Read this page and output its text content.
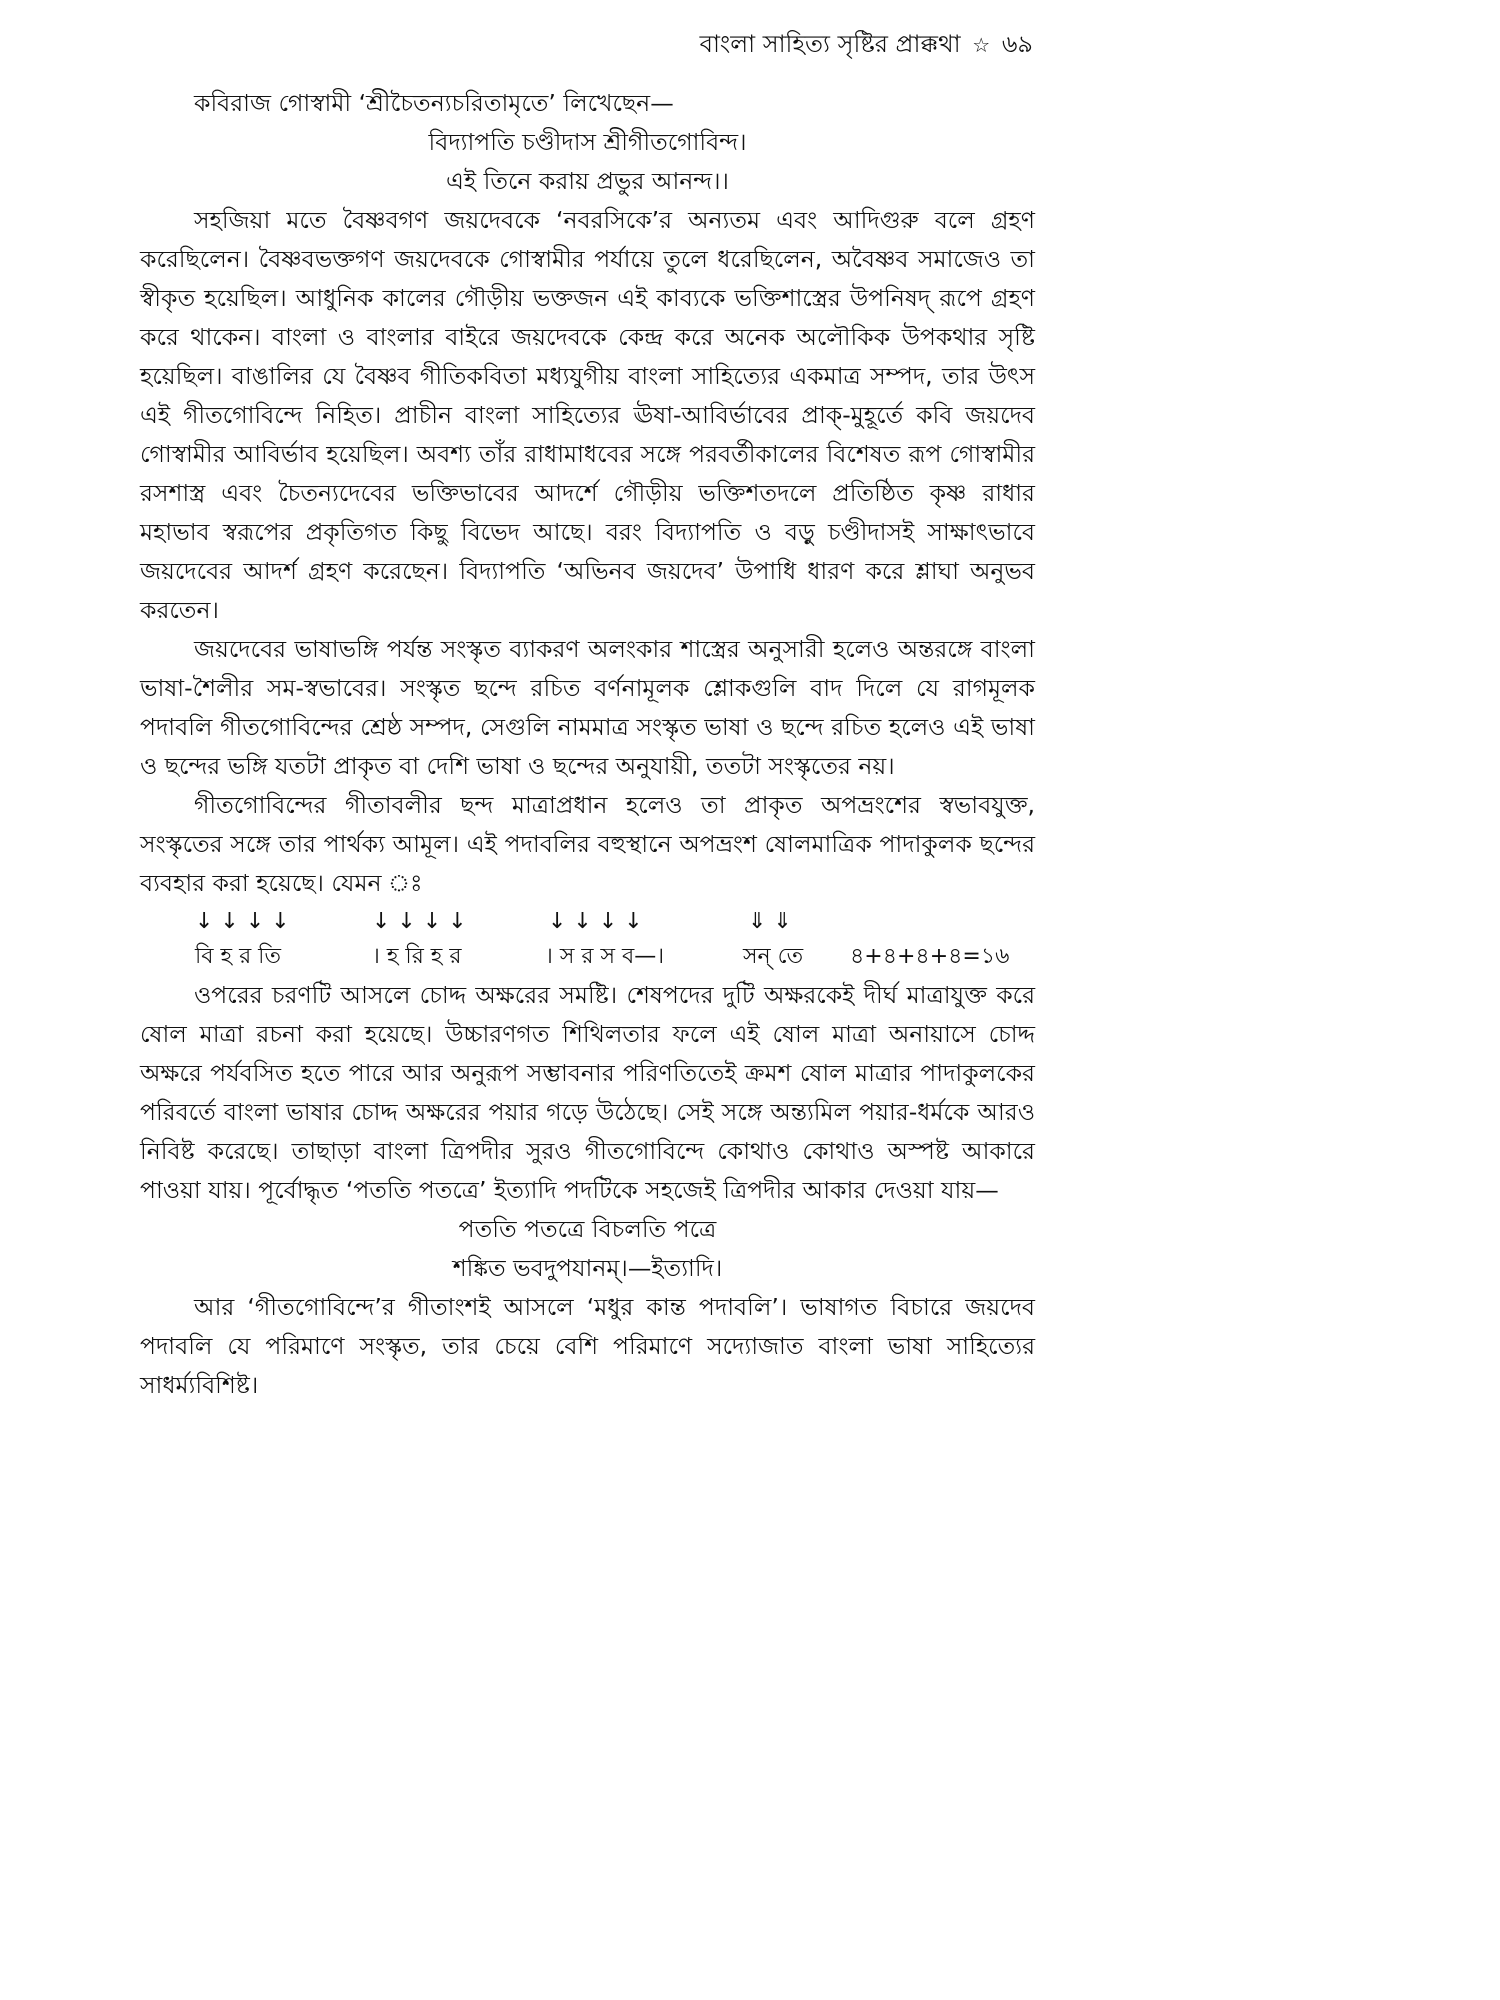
বাংলা সাহিত্য সৃষ্টির প্রাক্কথা ☆ ৬৯

কবিরাজ গোস্বামী ‘শ্রীচৈতন্যচরিতামৃতে’ লিখেছেন—

বিদ্যাপতি চণ্ডীদাস শ্রীগীতগোবিন্দ।
এই তিনে করায় প্রভুর আনন্দ।।

সহজিয়া মতে বৈষ্ণবগণ জয়দেবকে ‘নবরসিকে’র অন্যতম এবং আদিগুরু বলে গ্রহণ করেছিলেন। বৈষ্ণবভক্তগণ জয়দেবকে গোস্বামীর পর্যায়ে তুলে ধরেছিলেন, অবৈষ্ণব সমাজেও তা স্বীকৃত হয়েছিল। আধুনিক কালের গৌড়ীয় ভক্তজন এই কাব্যকে ভক্তিশাস্ত্রের উপনিষদ্ রূপে গ্রহণ করে থাকেন। বাংলা ও বাংলার বাইরে জয়দেবকে কেন্দ্র করে অনেক অলৌকিক উপকথার সৃষ্টি হয়েছিল। বাঙালির যে বৈষ্ণব গীতিকবিতা মধ্যযুগীয় বাংলা সাহিত্যের একমাত্র সম্পদ, তার উৎস এই গীতগোবিন্দে নিহিত। প্রাচীন বাংলা সাহিত্যের ঊষা-আবির্ভাবের প্রাক্-মুহূর্তে কবি জয়দেব গোস্বামীর আবির্ভাব হয়েছিল। অবশ্য তাঁর রাধামাধবের সঙ্গে পরবর্তীকালের বিশেষত রূপ গোস্বামীর রসশাস্ত্র এবং চৈতন্যদেবের ভক্তিভাবের আদর্শে গৌড়ীয় ভক্তিশতদলে প্রতিষ্ঠিত কৃষ্ণ রাধার মহাভাব স্বরূপের প্রকৃতিগত কিছু বিভেদ আছে। বরং বিদ্যাপতি ও বড়ু চণ্ডীদাসই সাক্ষাৎভাবে জয়দেবের আদর্শ গ্রহণ করেছেন। বিদ্যাপতি ‘অভিনব জয়দেব’ উপাধি ধারণ করে শ্লাঘা অনুভব করতেন।

জয়দেবের ভাষাভঙ্গি পর্যন্ত সংস্কৃত ব্যাকরণ অলংকার শাস্ত্রের অনুসারী হলেও অন্তরঙ্গে বাংলা ভাষা-শৈলীর সম-স্বভাবের। সংস্কৃত ছন্দে রচিত বর্ণনামূলক শ্লোকগুলি বাদ দিলে যে রাগমূলক পদাবলি গীতগোবিন্দের শ্রেষ্ঠ সম্পদ, সেগুলি নামমাত্র সংস্কৃত ভাষা ও ছন্দে রচিত হলেও এই ভাষা ও ছন্দের ভঙ্গি যতটা প্রাকৃত বা দেশি ভাষা ও ছন্দের অনুযায়ী, ততটা সংস্কৃতের নয়।

গীতগোবিন্দের গীতাবলীর ছন্দ মাত্রাপ্রধান হলেও তা প্রাকৃত অপভ্রংশের স্বভাবযুক্ত, সংস্কৃতের সঙ্গে তার পার্থক্য আমূল। এই পদাবলির বহুস্থানে অপভ্রংশ ষোলমাত্রিক পাদাকুলক ছন্দের ব্যবহার করা হয়েছে। যেমন ঃ

↓ ↓ ↓ ↓	↓ ↓ ↓ ↓	↓ ↓ ↓ ↓	⇓ ⇓
বি হ র তি	। হ রি হ র	। স র স ব—।	সন্ তে ৪+৪+৪+৪=১৬

ওপরের চরণটি আসলে চোদ্দ অক্ষরের সমষ্টি। শেষপদের দুটি অক্ষরকেই দীর্ঘ মাত্রাযুক্ত করে ষোল মাত্রা রচনা করা হয়েছে। উচ্চারণগত শিথিলতার ফলে এই ষোল মাত্রা অনায়াসে চোদ্দ অক্ষরে পর্যবসিত হতে পারে আর অনুরূপ সম্ভাবনার পরিণতিতেই ক্রমশ ষোল মাত্রার পাদাকুলকের পরিবর্তে বাংলা ভাষার চোদ্দ অক্ষরের পয়ার গড়ে উঠেছে। সেই সঙ্গে অন্ত্যমিল পয়ার-ধর্মকে আরও নিবিষ্ট করেছে। তাছাড়া বাংলা ত্রিপদীর সুরও গীতগোবিন্দে কোথাও কোথাও অস্পষ্ট আকারে পাওয়া যায়। পূর্বোদ্ধৃত ‘পততি পতত্রে’ ইত্যাদি পদটিকে সহজেই ত্রিপদীর আকার দেওয়া যায়—

পততি পতত্রে বিচলতি পত্রে
শঙ্কিত ভবদুপযানম্।—ইত্যাদি।

আর ‘গীতগোবিন্দে’র গীতাংশই আসলে ‘মধুর কান্ত পদাবলি’। ভাষাগত বিচারে জয়দেব পদাবলি যে পরিমাণে সংস্কৃত, তার চেয়ে বেশি পরিমাণে সদ্যোজাত বাংলা ভাষা সাহিত্যের সাধর্ম্যবিশিষ্ট।
